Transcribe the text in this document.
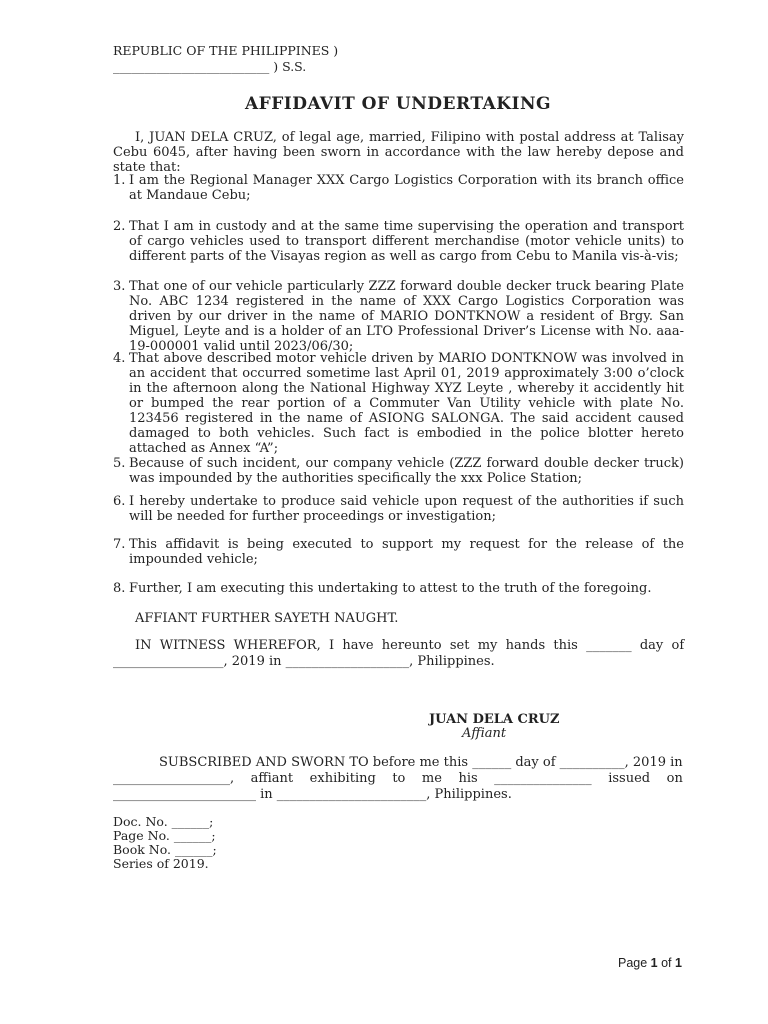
REPUBLIC OF THE PHILIPPINES )
_________________________ ) S.S.
AFFIDAVIT OF UNDERTAKING
I, JUAN DELA CRUZ, of legal age, married, Filipino with postal address at Talisay Cebu 6045, after having been sworn in accordance with the law hereby depose and state that:
1. I am the Regional Manager XXX Cargo Logistics Corporation with its branch office at Mandaue Cebu;
2. That I am in custody and at the same time supervising the operation and transport of cargo vehicles used to transport different merchandise (motor vehicle units) to different parts of the Visayas region as well as cargo from Cebu to Manila vis-à-vis;
3. That one of our vehicle particularly ZZZ forward double decker truck bearing Plate No. ABC 1234 registered in the name of XXX Cargo Logistics Corporation was driven by our driver in the name of MARIO DONTKNOW a resident of Brgy. San Miguel, Leyte and is a holder of an LTO Professional Driver’s License with No. aaa-19-000001 valid until 2023/06/30;
4. That above described motor vehicle driven by MARIO DONTKNOW was involved in an accident that occurred sometime last April 01, 2019 approximately 3:00 o’clock in the afternoon along the National Highway XYZ Leyte , whereby it accidently hit or bumped the rear portion of a Commuter Van Utility vehicle with plate No. 123456 registered in the name of ASIONG SALONGA. The said accident caused damaged to both vehicles. Such fact is embodied in the police blotter hereto attached as Annex “A”;
5. Because of such incident, our company vehicle (ZZZ forward double decker truck) was impounded by the authorities specifically the xxx Police Station;
6. I hereby undertake to produce said vehicle upon request of the authorities if such will be needed for further proceedings or investigation;
7. This affidavit is being executed to support my request for the release of the impounded vehicle;
8. Further, I am executing this undertaking to attest to the truth of the foregoing.
AFFIANT FURTHER SAYETH NAUGHT.
IN  WITNESS  WHEREFOR,  I  have  hereunto  set  my  hands  this  _______  day  of
_________________, 2019 in ___________________, Philippines.
JUAN DELA CRUZ
Affiant
SUBSCRIBED AND SWORN TO before me this ______ day of __________, 2019 in
__________________,    affiant    exhibiting    to    me    his    _______________    issued    on
______________________ in _______________________, Philippines.
Doc. No. ______;
Page No. ______;
Book No. ______;
Series of 2019.
Page 1 of 1
